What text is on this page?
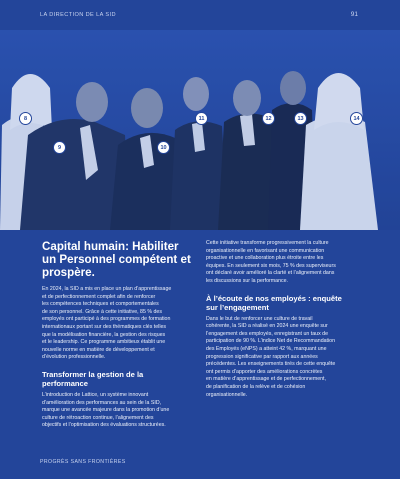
LA DIRECTION DE LA SID	91
8
9	10
11	12	13	14
Capital humain: Habiliter
un Personnel compétent et
prospère.

En 2024, la SID a mis en place un plan d’apprentissage
et de perfectionnement complet afin de renforcer
les compétences techniques et comportementales
de son personnel. Grâce à cette initiative, 85 % des
employés ont participé à des programmes de formation
internationaux portant sur des thématiques clés telles
que la modélisation financière, la gestion des risques
et le leadership. Ce programme ambitieux établit une
nouvelle norme en matière de développement et
d’évolution professionnelle.

Transformer la gestion de la
performance

L’introduction de Lattice, un système innovant
d’amélioration des performances au sein de la SID,
marque une avancée majeure dans la promotion d’une
culture de rétroaction continue, l’alignement des
objectifs et l’optimisation des évaluations structurées.

Cette initiative transforme progressivement la culture
organisationnelle en favorisant une communication
proactive et une collaboration plus étroite entre les
équipes. En seulement six mois, 75 % des superviseurs
ont déclaré avoir amélioré la clarté et l’alignement dans
les discussions sur la performance.

À l’écoute de nos employés : enquête
sur l’engagement

Dans le but de renforcer une culture de travail
cohérente, la SID a réalisé en 2024 une enquête sur
l’engagement des employés, enregistrant un taux de
participation de 90 %. L’indice Net de Recommandation
des Employés (eNPS) a atteint 42 %, marquant une
progression significative par rapport aux années
précédentes. Les enseignements tirés de cette enquête
ont permis d’apporter des améliorations concrètes
en matière d’apprentissage et de perfectionnement,
de planification de la relève et de cohésion
organisationnelle.

PROGRÈS SANS FRONTIÈRES
